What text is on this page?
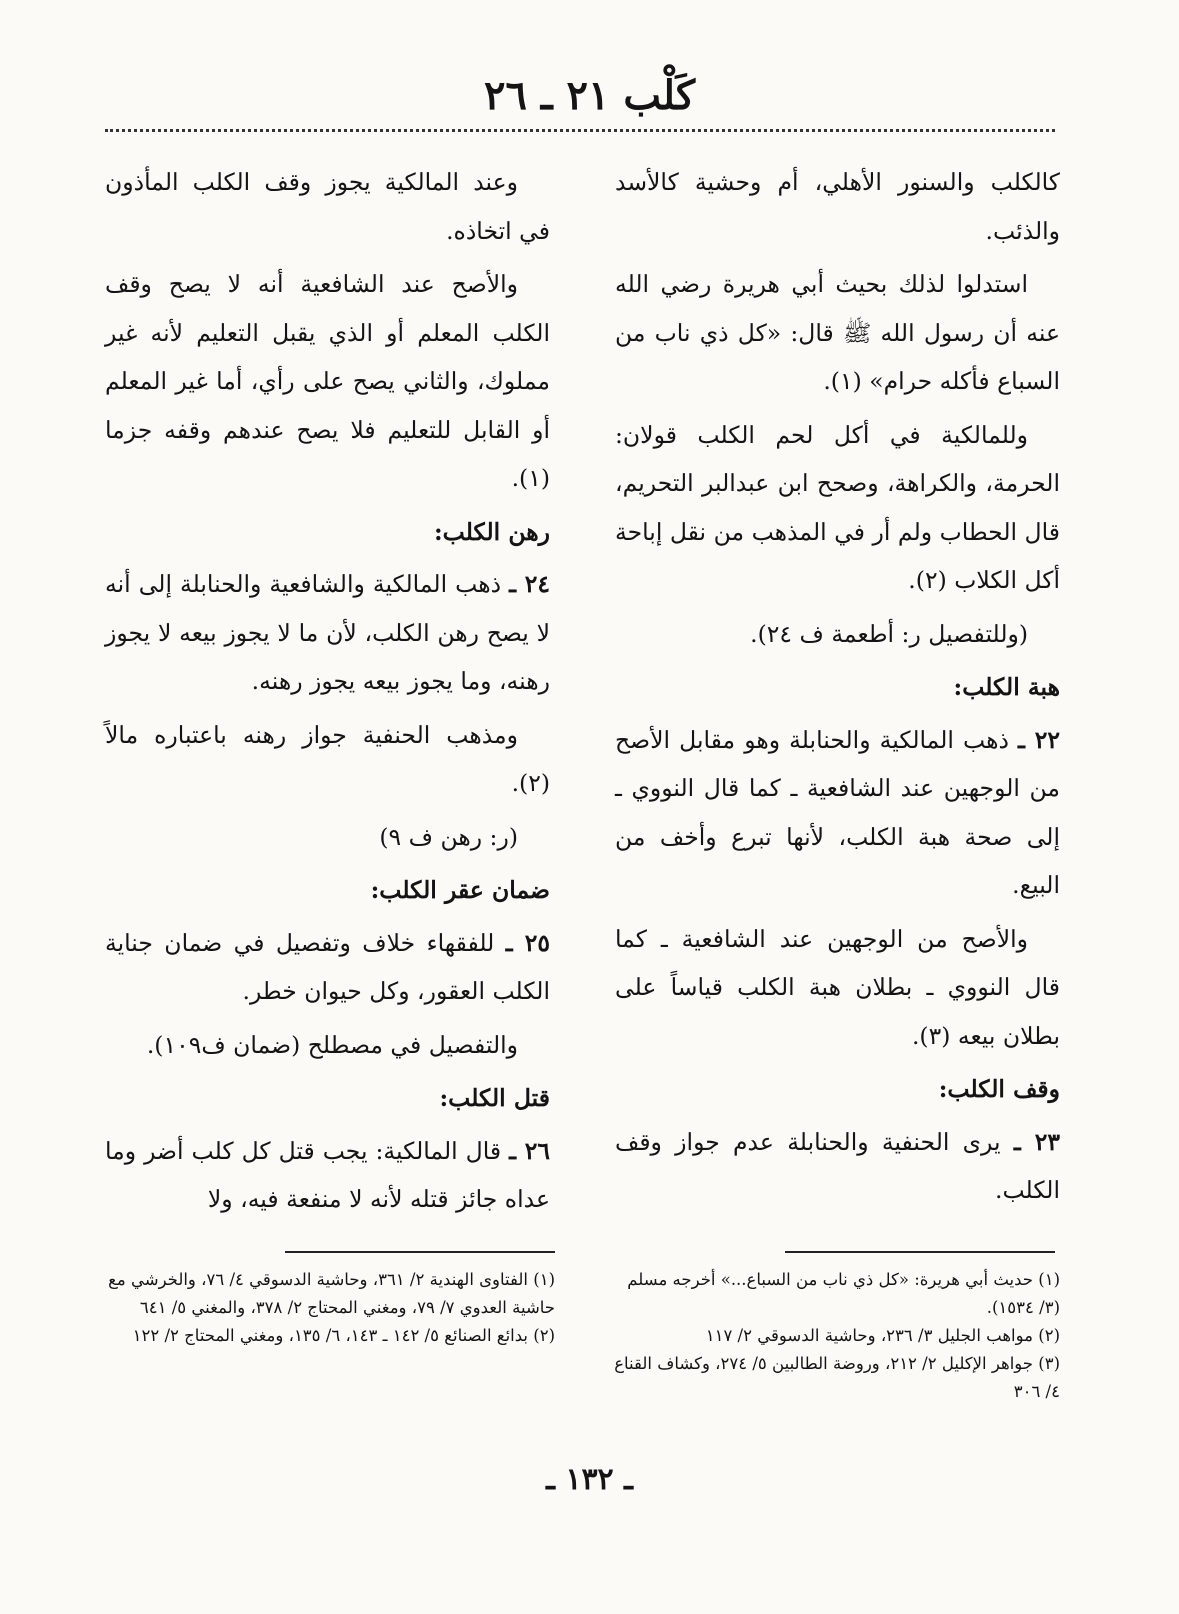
كَلْب ٢١ ـ ٢٦

كالكلب والسنور الأهلي، أم وحشية كالأسد والذئب.

استدلوا لذلك بحيث أبي هريرة رضي الله عنه أن رسول الله ﷺ قال: «كل ذي ناب من السباع فأكله حرام» (١).

وللمالكية في أكل لحم الكلب قولان: الحرمة، والكراهة، وصحح ابن عبدالبر التحريم، قال الحطاب ولم أر في المذهب من نقل إباحة أكل الكلاب (٢).

(وللتفصيل ر: أطعمة ف ٢٤).

هبة الكلب:

٢٢ ـ ذهب المالكية والحنابلة وهو مقابل الأصح من الوجهين عند الشافعية ـ كما قال النووي ـ إلى صحة هبة الكلب، لأنها تبرع وأخف من البيع.

والأصح من الوجهين عند الشافعية ـ كما قال النووي ـ بطلان هبة الكلب قياساً على بطلان بيعه (٣).

وقف الكلب:

٢٣ ـ يرى الحنفية والحنابلة عدم جواز وقف الكلب.

وعند المالكية يجوز وقف الكلب المأذون في اتخاذه.

والأصح عند الشافعية أنه لا يصح وقف الكلب المعلم أو الذي يقبل التعليم لأنه غير مملوك، والثاني يصح على رأي، أما غير المعلم أو القابل للتعليم فلا يصح عندهم وقفه جزما (١).

رهن الكلب:

٢٤ ـ ذهب المالكية والشافعية والحنابلة إلى أنه لا يصح رهن الكلب، لأن ما لا يجوز بيعه لا يجوز رهنه، وما يجوز بيعه يجوز رهنه.

ومذهب الحنفية جواز رهنه باعتباره مالاً (٢).

(ر: رهن ف ٩)

ضمان عقر الكلب:

٢٥ ـ للفقهاء خلاف وتفصيل في ضمان جناية الكلب العقور، وكل حيوان خطر.

والتفصيل في مصطلح (ضمان ف١٠٩).

قتل الكلب:

٢٦ ـ قال المالكية: يجب قتل كل كلب أضر وما عداه جائز قتله لأنه لا منفعة فيه، ولا

(١) حديث أبي هريرة: «كل ذي ناب من السباع...» أخرجه مسلم (٣/ ١٥٣٤).
(٢) مواهب الجليل ٣/ ٢٣٦، وحاشية الدسوقي ٢/ ١١٧
(٣) جواهر الإكليل ٢/ ٢١٢، وروضة الطالبين ٥/ ٢٧٤، وكشاف القناع ٤/ ٣٠٦
(١) الفتاوى الهندية ٢/ ٣٦١، وحاشية الدسوقي ٤/ ٧٦، والخرشي مع حاشية العدوي ٧/ ٧٩، ومغني المحتاج ٢/ ٣٧٨، والمغني ٥/ ٦٤١
(٢) بدائع الصنائع ٥/ ١٤٢ ـ ١٤٣، ٦/ ١٣٥، ومغني المحتاج ٢/ ١٢٢
ـ ١٣٢ ـ
